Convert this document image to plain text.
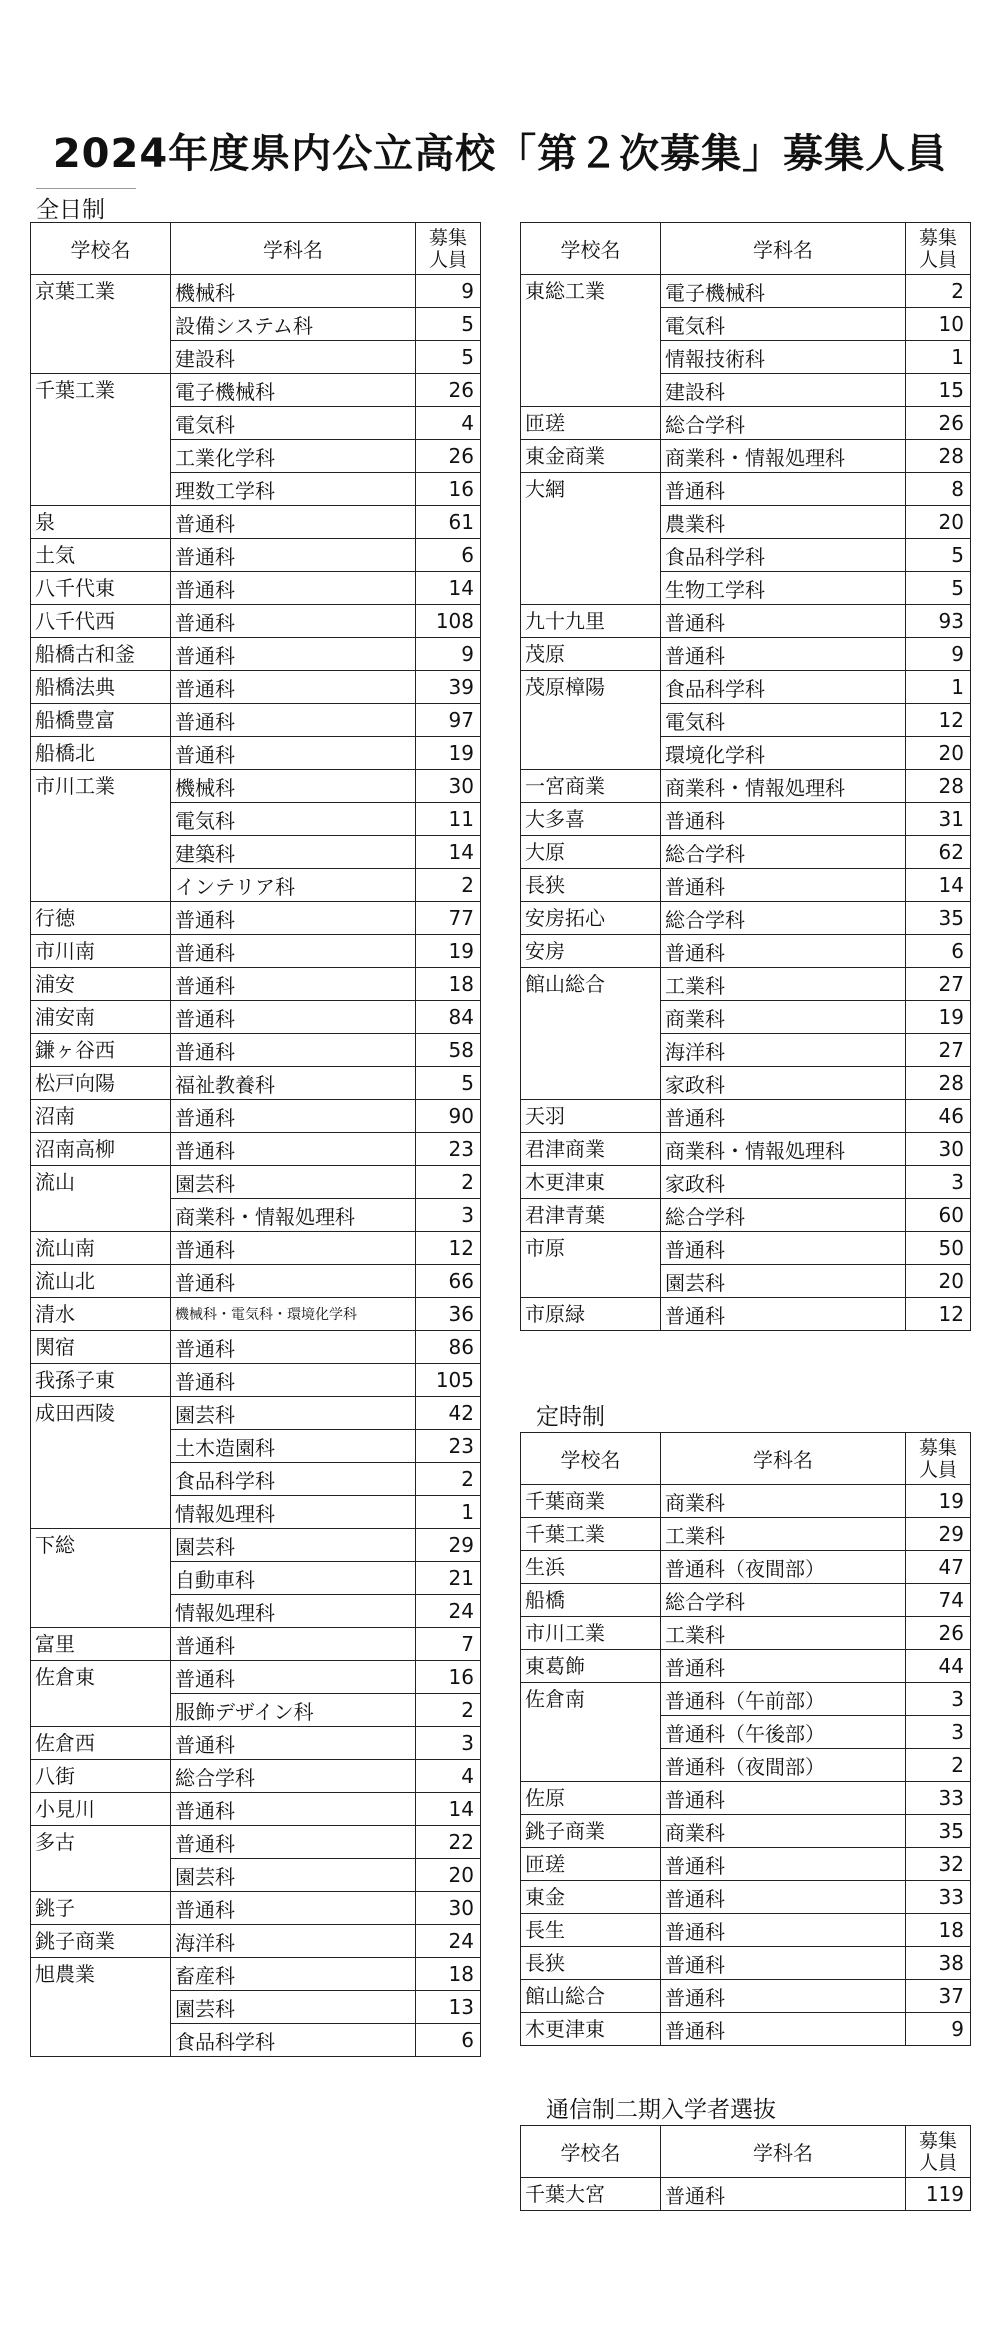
2024年度県内公立高校「第２次募集」募集人員
全日制
学校名	学科名	募集
人員
京葉工業	機械科	9
	設備システム科	5
	建設科	5
千葉工業	電子機械科	26
	電気科	4
	工業化学科	26
	理数工学科	16
泉	普通科	61
土気	普通科	6
八千代東	普通科	14
八千代西	普通科	108
船橋古和釜	普通科	9
船橋法典	普通科	39
船橋豊富	普通科	97
船橋北	普通科	19
市川工業	機械科	30
	電気科	11
	建築科	14
	インテリア科	2
行徳	普通科	77
市川南	普通科	19
浦安	普通科	18
浦安南	普通科	84
鎌ヶ谷西	普通科	58
松戸向陽	福祉教養科	5
沼南	普通科	90
沼南高柳	普通科	23
流山	園芸科	2
	商業科・情報処理科	3
流山南	普通科	12
流山北	普通科	66
清水	機械科・電気科・環境化学科	36
関宿	普通科	86
我孫子東	普通科	105
成田西陵	園芸科	42
	土木造園科	23
	食品科学科	2
	情報処理科	1
下総	園芸科	29
	自動車科	21
	情報処理科	24
富里	普通科	7
佐倉東	普通科	16
	服飾デザイン科	2
佐倉西	普通科	3
八街	総合学科	4
小見川	普通科	14
多古	普通科	22
	園芸科	20
銚子	普通科	30
銚子商業	海洋科	24
旭農業	畜産科	18
	園芸科	13
	食品科学科	6
学校名	学科名	募集
人員
東総工業	電子機械科	2
	電気科	10
	情報技術科	1
	建設科	15
匝瑳	総合学科	26
東金商業	商業科・情報処理科	28
大網	普通科	8
	農業科	20
	食品科学科	5
	生物工学科	5
九十九里	普通科	93
茂原	普通科	9
茂原樟陽	食品科学科	1
	電気科	12
	環境化学科	20
一宮商業	商業科・情報処理科	28
大多喜	普通科	31
大原	総合学科	62
長狭	普通科	14
安房拓心	総合学科	35
安房	普通科	6
館山総合	工業科	27
	商業科	19
	海洋科	27
	家政科	28
天羽	普通科	46
君津商業	商業科・情報処理科	30
木更津東	家政科	3
君津青葉	総合学科	60
市原	普通科	50
	園芸科	20
市原緑	普通科	12
定時制
学校名	学科名	募集
人員
千葉商業	商業科	19
千葉工業	工業科	29
生浜	普通科（夜間部）	47
船橋	総合学科	74
市川工業	工業科	26
東葛飾	普通科	44
佐倉南	普通科（午前部）	3
	普通科（午後部）	3
	普通科（夜間部）	2
佐原	普通科	33
銚子商業	商業科	35
匝瑳	普通科	32
東金	普通科	33
長生	普通科	18
長狭	普通科	38
館山総合	普通科	37
木更津東	普通科	9
通信制二期入学者選抜
学校名	学科名	募集
人員
千葉大宮	普通科	119
